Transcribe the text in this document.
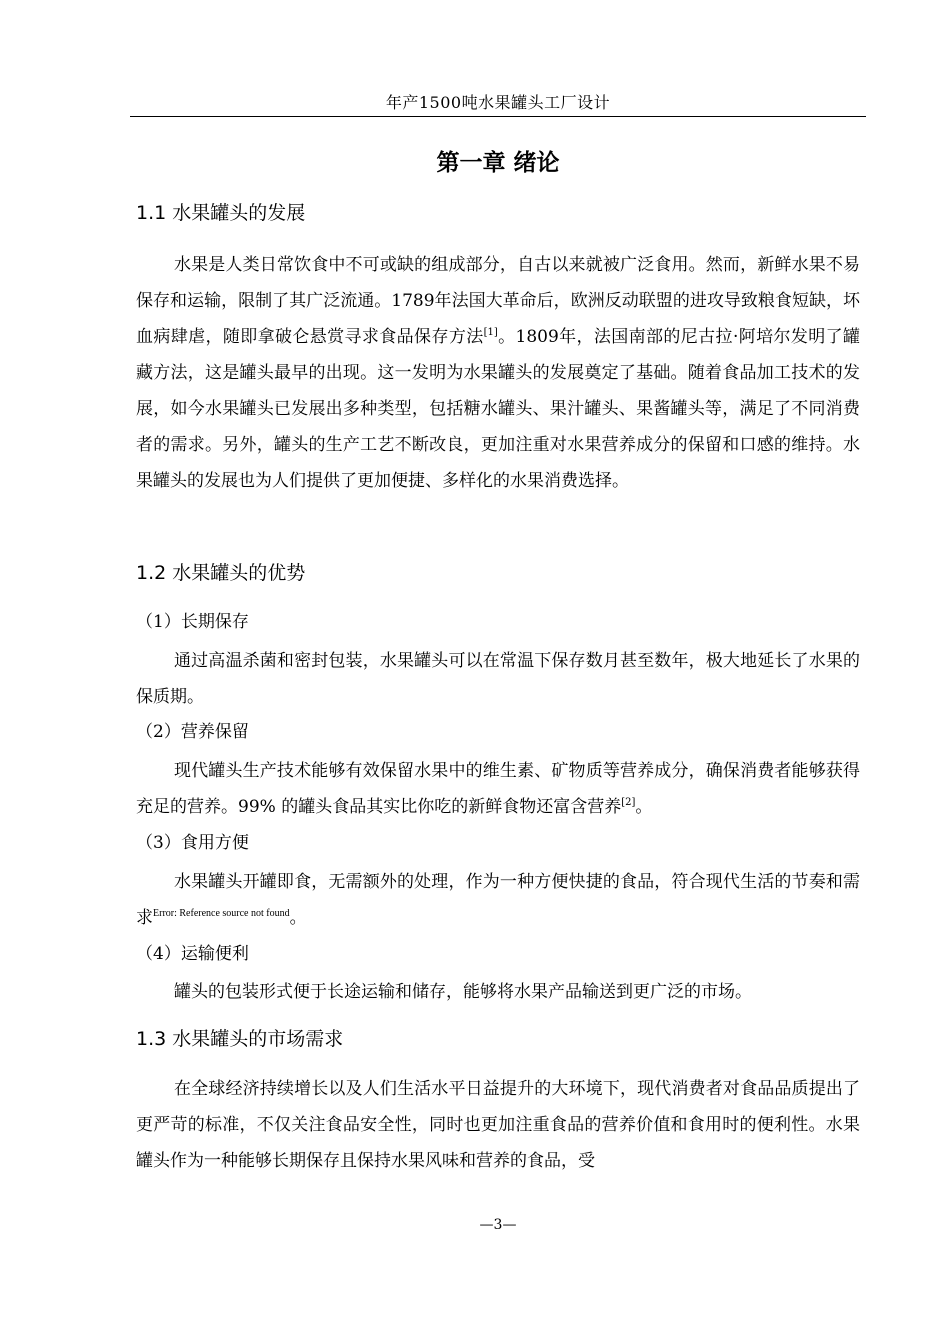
年产1500吨水果罐头工厂设计
第一章 绪论
1.1 水果罐头的发展

水果是人类日常饮食中不可或缺的组成部分，自古以来就被广泛食用。然而，新鲜水果不易保存和运输，限制了其广泛流通。1789年法国大革命后，欧洲反动联盟的进攻导致粮食短缺，坏血病肆虐，随即拿破仑悬赏寻求食品保存方法[1]。1809年，法国南部的尼古拉·阿培尔发明了罐藏方法，这是罐头最早的出现。这一发明为水果罐头的发展奠定了基础。随着食品加工技术的发展，如今水果罐头已发展出多种类型，包括糖水罐头、果汁罐头、果酱罐头等，满足了不同消费者的需求。另外，罐头的生产工艺不断改良，更加注重对水果营养成分的保留和口感的维持。水果罐头的发展也为人们提供了更加便捷、多样化的水果消费选择。

1.2 水果罐头的优势
（1）长期保存

通过高温杀菌和密封包装，水果罐头可以在常温下保存数月甚至数年，极大地延长了水果的保质期。

（2）营养保留

现代罐头生产技术能够有效保留水果中的维生素、矿物质等营养成分，确保消费者能够获得充足的营养。99% 的罐头食品其实比你吃的新鲜食物还富含营养[2]。

（3）食用方便

水果罐头开罐即食，无需额外的处理，作为一种方便快捷的食品，符合现代生活的节奏和需求$^{Error: Reference source not found}$。

（4）运输便利

罐头的包装形式便于长途运输和储存，能够将水果产品输送到更广泛的市场。

1.3 水果罐头的市场需求

在全球经济持续增长以及人们生活水平日益提升的大环境下，现代消费者对食品品质提出了更严苛的标准，不仅关注食品安全性，同时也更加注重食品的营养价值和食用时的便利性。水果罐头作为一种能够长期保存且保持水果风味和营养的食品，受

—3—
